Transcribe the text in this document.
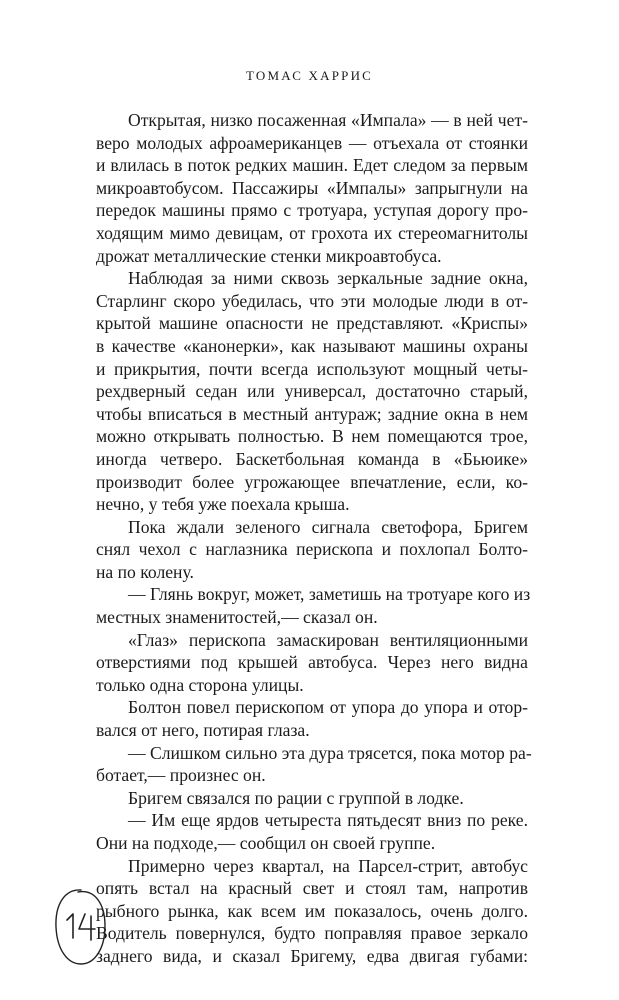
ТОМАС ХАРРИС
Открытая, низко посаженная «Импала» — в ней чет-
веро молодых афроамериканцев — отъехала от стоянки
и влилась в поток редких машин. Едет следом за первым
микроавтобусом. Пассажиры «Импалы» запрыгнули на
передок машины прямо с тротуара, уступая дорогу про-
ходящим мимо девицам, от грохота их стереомагнитолы
дрожат металлические стенки микроавтобуса.
Наблюдая за ними сквозь зеркальные задние окна,
Старлинг скоро убедилась, что эти молодые люди в от-
крытой машине опасности не представляют. «Криспы»
в качестве «канонерки», как называют машины охраны
и прикрытия, почти всегда используют мощный четы-
рехдверный седан или универсал, достаточно старый,
чтобы вписаться в местный антураж; задние окна в нем
можно открывать полностью. В нем помещаются трое,
иногда четверо. Баскетбольная команда в «Бьюике»
производит более угрожающее впечатление, если, ко-
нечно, у тебя уже поехала крыша.
Пока ждали зеленого сигнала светофора, Бригем
снял чехол с наглазника перископа и похлопал Болто-
на по колену.
— Глянь вокруг, может, заметишь на тротуаре кого из
местных знаменитостей,— сказал он.
«Глаз» перископа замаскирован вентиляционными
отверстиями под крышей автобуса. Через него видна
только одна сторона улицы.
Болтон повел перископом от упора до упора и отор-
вался от него, потирая глаза.
— Слишком сильно эта дура трясется, пока мотор ра-
ботает,— произнес он.
Бригем связался по рации с группой в лодке.
— Им еще ярдов четыреста пятьдесят вниз по реке.
Они на подходе,— сообщил он своей группе.
Примерно через квартал, на Парсел-стрит, автобус
опять встал на красный свет и стоял там, напротив
рыбного рынка, как всем им показалось, очень долго.
Водитель повернулся, будто поправляя правое зеркало
заднего вида, и сказал Бригему, едва двигая губами:
